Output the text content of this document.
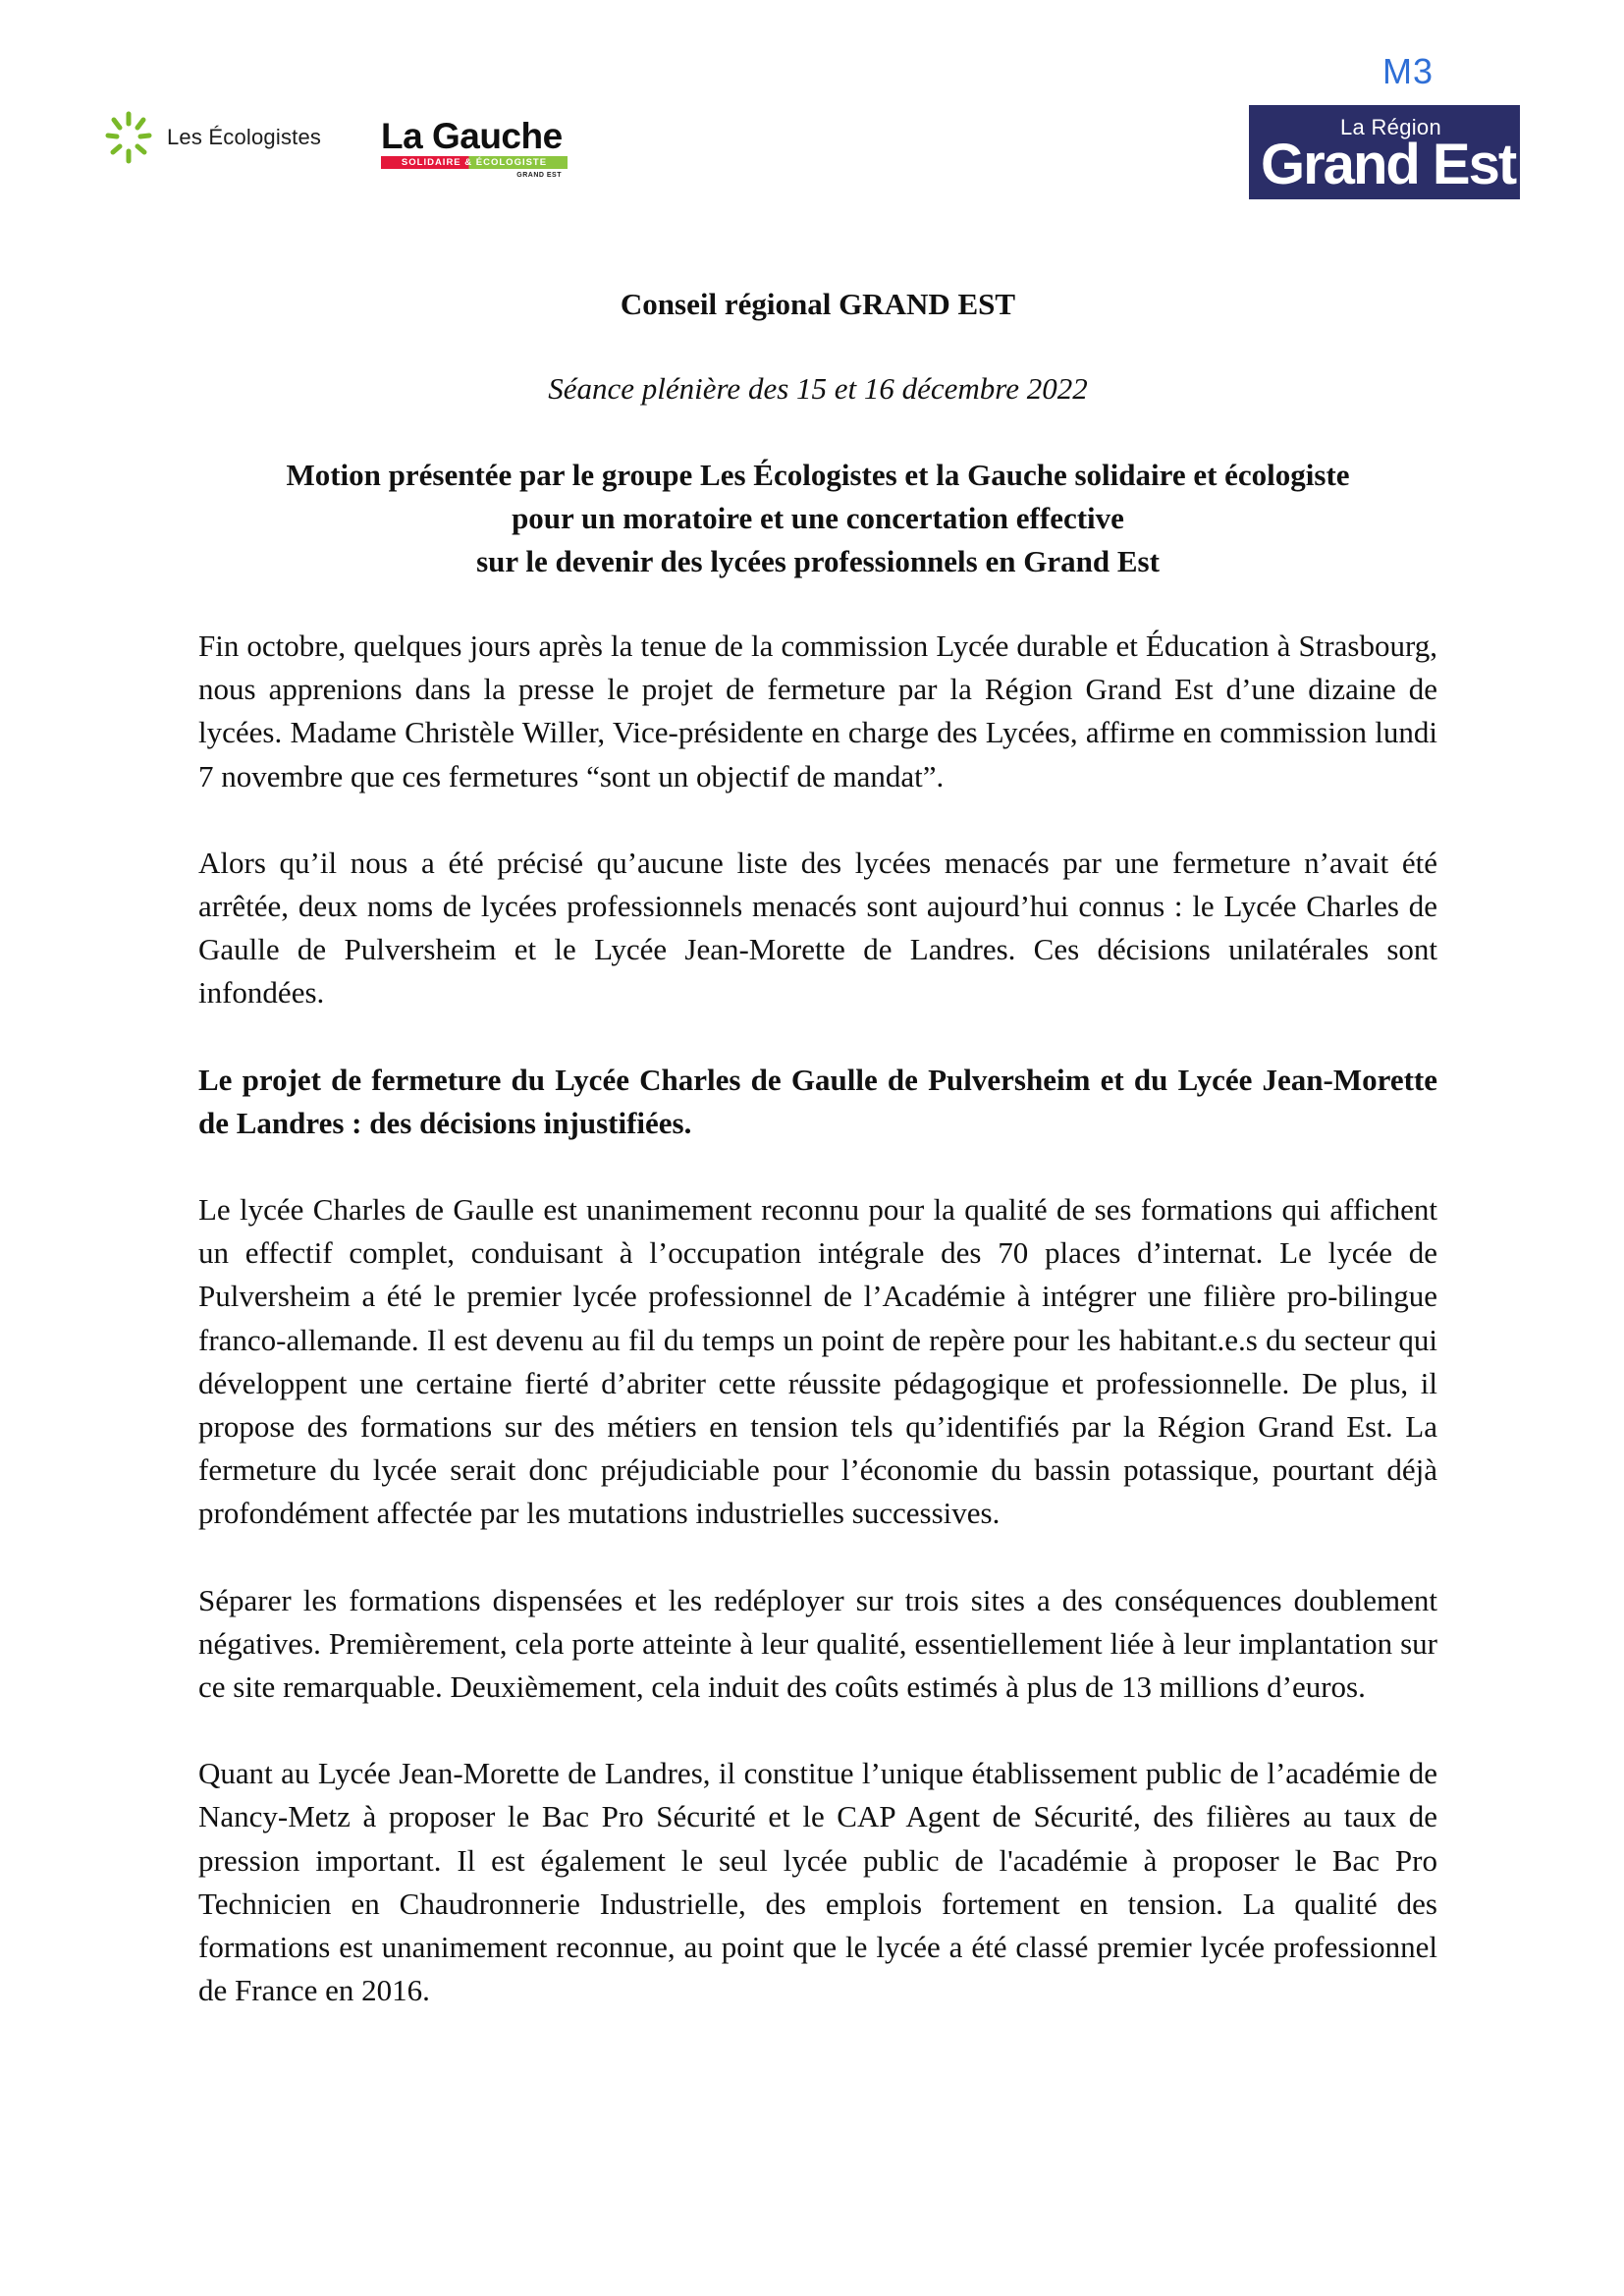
M3
Les Écologistes La Gauche
SOLIDAIRE & ÉCOLOGISTE
GRAND EST
La Région
Grand Est
Conseil régional GRAND EST
Séance plénière des 15 et 16 décembre 2022
Motion présentée par le groupe Les Écologistes et la Gauche solidaire et écologiste
pour un moratoire et une concertation effective
sur le devenir des lycées professionnels en Grand Est

Fin octobre, quelques jours après la tenue de la commission Lycée durable et Éducation à Strasbourg, nous apprenions dans la presse le projet de fermeture par la Région Grand Est d’une dizaine de lycées. Madame Christèle Willer, Vice-présidente en charge des Lycées, affirme en commission lundi 7 novembre que ces fermetures “sont un objectif de mandat”.

Alors qu’il nous a été précisé qu’aucune liste des lycées menacés par une fermeture n’avait été arrêtée, deux noms de lycées professionnels menacés sont aujourd’hui connus : le Lycée Charles de Gaulle de Pulversheim et le Lycée Jean-Morette de Landres. Ces décisions unilatérales sont infondées.

Le projet de fermeture du Lycée Charles de Gaulle de Pulversheim et du Lycée Jean-Morette de Landres : des décisions injustifiées.

Le lycée Charles de Gaulle est unanimement reconnu pour la qualité de ses formations qui affichent un effectif complet, conduisant à l’occupation intégrale des 70 places d’internat. Le lycée de Pulversheim a été le premier lycée professionnel de l’Académie à intégrer une filière pro-bilingue franco-allemande. Il est devenu au fil du temps un point de repère pour les habitant.e.s du secteur qui développent une certaine fierté d’abriter cette réussite pédagogique et professionnelle. De plus, il propose des formations sur des métiers en tension tels qu’identifiés par la Région Grand Est. La fermeture du lycée serait donc préjudiciable pour l’économie du bassin potassique, pourtant déjà profondément affectée par les mutations industrielles successives.

Séparer les formations dispensées et les redéployer sur trois sites a des conséquences doublement négatives. Premièrement, cela porte atteinte à leur qualité, essentiellement liée à leur implantation sur ce site remarquable. Deuxièmement, cela induit des coûts estimés à plus de 13 millions d’euros.

Quant au Lycée Jean-Morette de Landres, il constitue l’unique établissement public de l’académie de Nancy-Metz à proposer le Bac Pro Sécurité et le CAP Agent de Sécurité, des filières au taux de pression important. Il est également le seul lycée public de l'académie à proposer le Bac Pro Technicien en Chaudronnerie Industrielle, des emplois fortement en tension. La qualité des formations est unanimement reconnue, au point que le lycée a été classé premier lycée professionnel de France en 2016.
